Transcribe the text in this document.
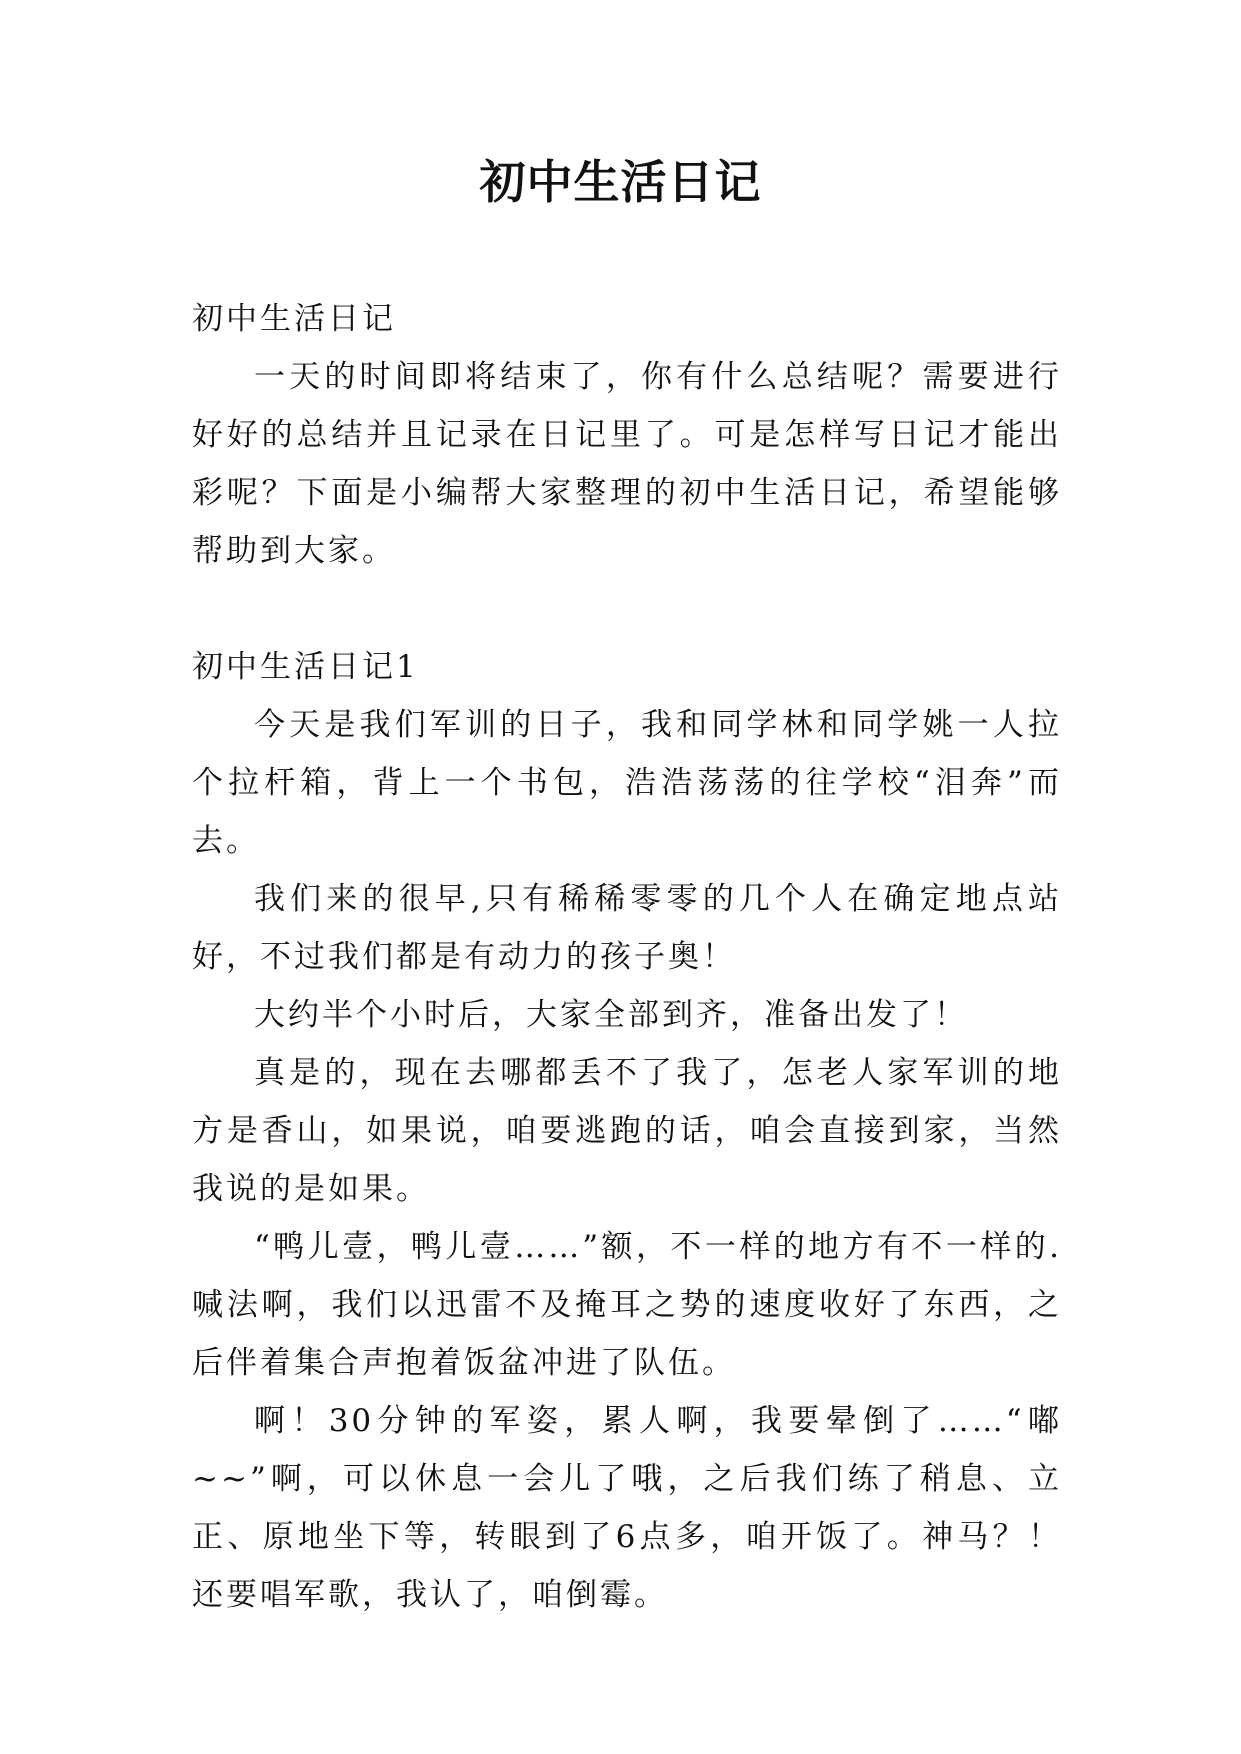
初中生活日记

初中生活日记

一天的时间即将结束了，你有什么总结呢？需要进行好好的总结并且记录在日记里了。可是怎样写日记才能出彩呢？下面是小编帮大家整理的初中生活日记，希望能够帮助到大家。

初中生活日记1

今天是我们军训的日子，我和同学林和同学姚一人拉个拉杆箱，背上一个书包，浩浩荡荡的往学校“泪奔”而去。

我们来的很早,只有稀稀零零的几个人在确定地点站好，不过我们都是有动力的孩子奥！

大约半个小时后，大家全部到齐，准备出发了！

真是的，现在去哪都丢不了我了，怎老人家军训的地方是香山，如果说，咱要逃跑的话，咱会直接到家，当然我说的是如果。

“鸭儿壹，鸭儿壹……”额，不一样的地方有不一样的.喊法啊，我们以迅雷不及掩耳之势的速度收好了东西，之后伴着集合声抱着饭盆冲进了队伍。

啊！30分钟的军姿，累人啊，我要晕倒了……“嘟~~”啊，可以休息一会儿了哦，之后我们练了稍息、立正、原地坐下等，转眼到了6点多，咱开饭了。神马？！还要唱军歌，我认了，咱倒霉。
